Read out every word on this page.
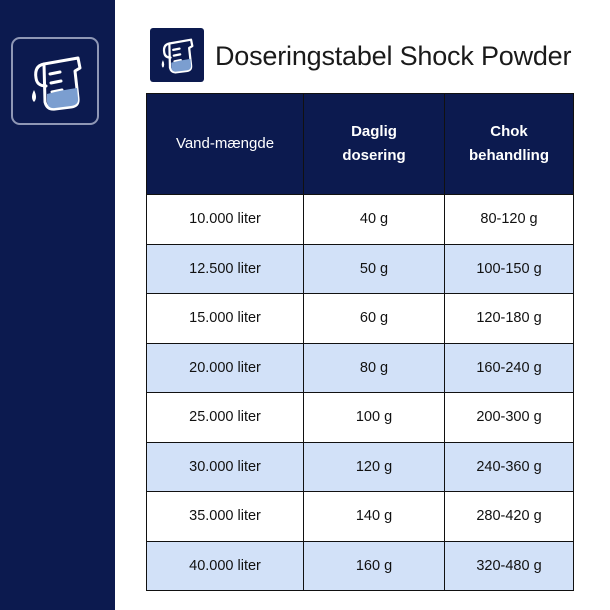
Doseringstabel Shock Powder
Vand-mængde	Daglig dosering	Chok behandling
10.000 liter	40 g	80-120 g
12.500 liter	50 g	100-150 g
15.000 liter	60 g	120-180 g
20.000 liter	80 g	160-240 g
25.000 liter	100 g	200-300 g
30.000 liter	120 g	240-360 g
35.000 liter	140 g	280-420 g
40.000 liter	160 g	320-480 g
